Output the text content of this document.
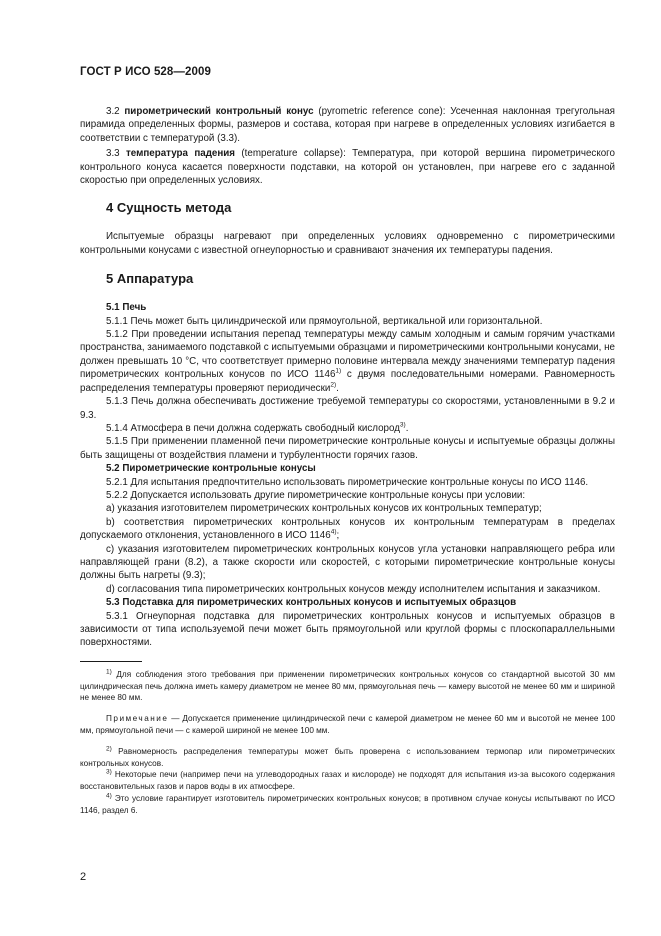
ГОСТ Р ИСО 528—2009

3.2 пирометрический контрольный конус (pyrometric reference cone): Усеченная наклонная трегугольная пирамида определенных формы, размеров и состава, которая при нагреве в определенных условиях изгибается в соответствии с температурой (3.3).

3.3 температура падения (temperature collapse): Температура, при которой вершина пирометрического контрольного конуса касается поверхности подставки, на которой он установлен, при нагреве его с заданной скоростью при определенных условиях.

4 Сущность метода

Испытуемые образцы нагревают при определенных условиях одновременно с пирометрическими контрольными конусами с известной огнеупорностью и сравнивают значения их температуры падения.

5 Аппаратура

5.1 Печь

5.1.1 Печь может быть цилиндрической или прямоугольной, вертикальной или горизонтальной.

5.1.2 При проведении испытания перепад температуры между самым холодным и самым горячим участками пространства, занимаемого подставкой с испытуемыми образцами и пирометрическими контрольными конусами, не должен превышать 10 °С, что соответствует примерно половине интервала между значениями температур падения пирометрических контрольных конусов по ИСО 1146$^{1)}$ с двумя последовательными номерами. Равномерность распределения температуры проверяют периодически$^{2)}$.

5.1.3 Печь должна обеспечивать достижение требуемой температуры со скоростями, установленными в 9.2 и 9.3.

5.1.4 Атмосфера в печи должна содержать свободный кислород$^{3)}$.

5.1.5 При применении пламенной печи пирометрические контрольные конусы и испытуемые образцы должны быть защищены от воздействия пламени и турбулентности горячих газов.

5.2 Пирометрические контрольные конусы

5.2.1 Для испытания предпочтительно использовать пирометрические контрольные конусы по ИСО 1146.

5.2.2 Допускается использовать другие пирометрические контрольные конусы при условии:

а) указания изготовителем пирометрических контрольных конусов их контрольных температур;

b) соответствия пирометрических контрольных конусов их контрольным температурам в пределах допускаемого отклонения, установленного в ИСО 1146$^{4)}$;

с) указания изготовителем пирометрических контрольных конусов угла установки направляющего ребра или направляющей грани (8.2), а также скорости или скоростей, с которыми пирометрические контрольные конусы должны быть нагреты (9.3);

d) согласования типа пирометрических контрольных конусов между исполнителем испытания и заказчиком.

5.3 Подставка для пирометрических контрольных конусов и испытуемых образцов

5.3.1 Огнеупорная подставка для пирометрических контрольных конусов и испытуемых образцов в зависимости от типа используемой печи может быть прямоугольной или круглой формы с плоскопараллельными поверхностями.

$^{1)}$ Для соблюдения этого требования при применении пирометрических контрольных конусов со стандартной высотой 30 мм цилиндрическая печь должна иметь камеру диаметром не менее 80 мм, прямоугольная печь — камеру высотой не менее 60 мм и шириной не менее 80 мм.

Примечание — Допускается применение цилиндрической печи с камерой диаметром не менее 60 мм и высотой не менее 100 мм, прямоугольной печи — с камерой шириной не менее 100 мм.

$^{2)}$ Равномерность распределения температуры может быть проверена с использованием термопар или пирометрических контрольных конусов.

$^{3)}$ Некоторые печи (например печи на углеводородных газах и кислороде) не подходят для испытания из-за высокого содержания восстановительных газов и паров воды в их атмосфере.

$^{4)}$ Это условие гарантирует изготовитель пирометрических контрольных конусов; в противном случае конусы испытывают по ИСО 1146, раздел 6.

2
